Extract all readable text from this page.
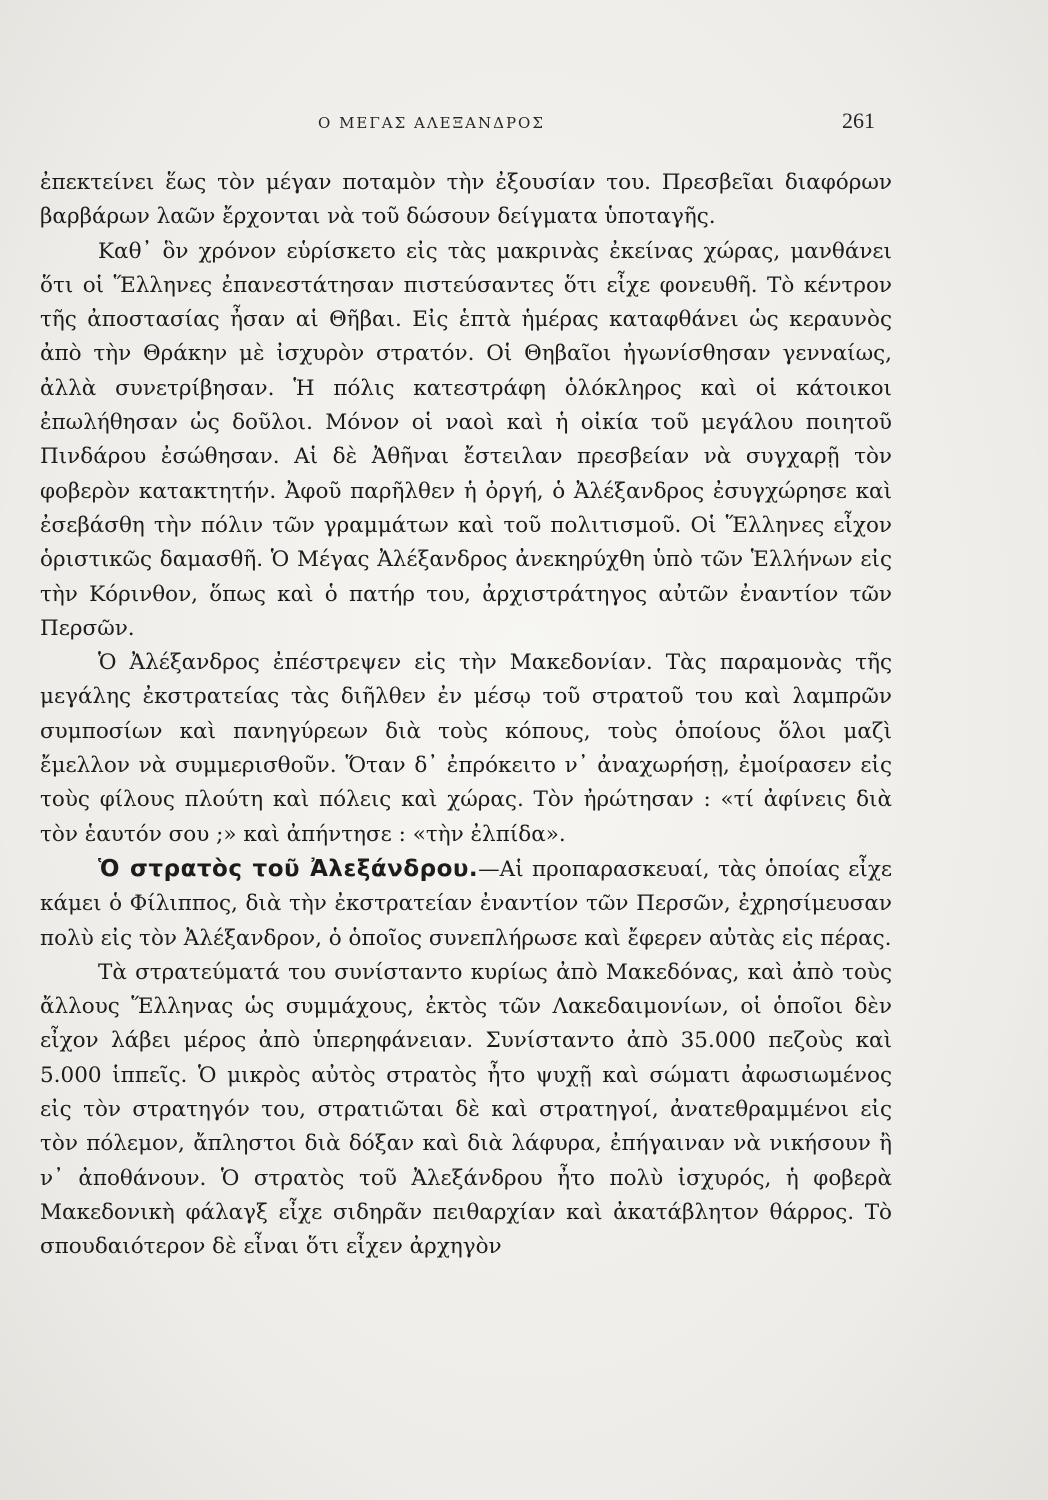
Ο ΜΕΓΑΣ ΑΛΕΞΑΝΔΡΟΣ	261

ἐπεκτείνει ἕως τὸν μέγαν ποταμὸν τὴν ἐξουσίαν του. Πρεσβεῖαι διαφόρων βαρβάρων λαῶν ἔρχονται νὰ τοῦ δώσουν δείγματα ὑποταγῆς.

Καθ᾽ ὃν χρόνον εὑρίσκετο εἰς τὰς μακρινὰς ἐκείνας χώρας, μανθάνει ὅτι οἱ Ἕλληνες ἐπανεστάτησαν πιστεύσαντες ὅτι εἶχε φονευθῆ. Τὸ κέντρον τῆς ἀποστασίας ἦσαν αἱ Θῆβαι. Εἰς ἑπτὰ ἡμέρας καταφθάνει ὡς κεραυνὸς ἀπὸ τὴν Θράκην μὲ ἰσχυρὸν στρατόν. Οἱ Θηβαῖοι ἠγωνίσθησαν γενναίως, ἀλλὰ συνετρίβησαν. Ἡ πόλις κατεστράφη ὁλόκληρος καὶ οἱ κάτοικοι ἐπωλήθησαν ὡς δοῦλοι. Μόνον οἱ ναοὶ καὶ ἡ οἰκία τοῦ μεγάλου ποιητοῦ Πινδάρου ἐσώθησαν. Αἱ δὲ Ἀθῆναι ἔστειλαν πρεσβείαν νὰ συγχαρῇ τὸν φοβερὸν κατακτητήν. Ἀφοῦ παρῆλθεν ἡ ὀργή, ὁ Ἀλέξανδρος ἐσυγχώρησε καὶ ἐσεβάσθη τὴν πόλιν τῶν γραμμάτων καὶ τοῦ πολιτισμοῦ. Οἱ Ἕλληνες εἶχον ὁριστικῶς δαμασθῆ. Ὁ Μέγας Ἀλέξανδρος ἀνεκηρύχθη ὑπὸ τῶν Ἑλλήνων εἰς τὴν Κόρινθον, ὅπως καὶ ὁ πατήρ του, ἀρχιστράτηγος αὐτῶν ἐναντίον τῶν Περσῶν.

Ὁ Ἀλέξανδρος ἐπέστρεψεν εἰς τὴν Μακεδονίαν. Τὰς παραμονὰς τῆς μεγάλης ἐκστρατείας τὰς διῆλθεν ἐν μέσῳ τοῦ στρατοῦ του καὶ λαμπρῶν συμποσίων καὶ πανηγύρεων διὰ τοὺς κόπους, τοὺς ὁποίους ὅλοι μαζὶ ἔμελλον νὰ συμμερισθοῦν. Ὅταν δ᾽ ἐπρόκειτο ν᾽ ἀναχωρήσῃ, ἐμοίρασεν εἰς τοὺς φίλους πλούτη καὶ πόλεις καὶ χώρας. Τὸν ἠρώτησαν : «τί ἀφίνεις διὰ τὸν ἑαυτόν σου ;» καὶ ἀπήντησε : «τὴν ἐλπίδα».

Ὁ στρατὸς τοῦ Ἀλεξάνδρου.—Αἱ προπαρασκευαί, τὰς ὁποίας εἶχε κάμει ὁ Φίλιππος, διὰ τὴν ἐκστρατείαν ἐναντίον τῶν Περσῶν, ἐχρησίμευσαν πολὺ εἰς τὸν Ἀλέξανδρον, ὁ ὁποῖος συνεπλήρωσε καὶ ἔφερεν αὐτὰς εἰς πέρας.

Τὰ στρατεύματά του συνίσταντο κυρίως ἀπὸ Μακεδόνας, καὶ ἀπὸ τοὺς ἄλλους Ἕλληνας ὡς συμμάχους, ἐκτὸς τῶν Λακεδαιμονίων, οἱ ὁποῖοι δὲν εἶχον λάβει μέρος ἀπὸ ὑπερηφάνειαν. Συνίσταντο ἀπὸ 35.000 πεζοὺς καὶ 5.000 ἱππεῖς. Ὁ μικρὸς αὐτὸς στρατὸς ἦτο ψυχῇ καὶ σώματι ἀφωσιωμένος εἰς τὸν στρατηγόν του, στρατιῶται δὲ καὶ στρατηγοί, ἀνατεθραμμένοι εἰς τὸν πόλεμον, ἄπληστοι διὰ δόξαν καὶ διὰ λάφυρα, ἐπήγαιναν νὰ νικήσουν ἢ ν᾽ ἀποθάνουν. Ὁ στρατὸς τοῦ Ἀλεξάνδρου ἦτο πολὺ ἰσχυρός, ἡ φοβερὰ Μακεδονικὴ φάλαγξ εἶχε σιδηρᾶν πειθαρχίαν καὶ ἀκατάβλητον θάρρος. Τὸ σπουδαιότερον δὲ εἶναι ὅτι εἶχεν ἀρχηγὸν
